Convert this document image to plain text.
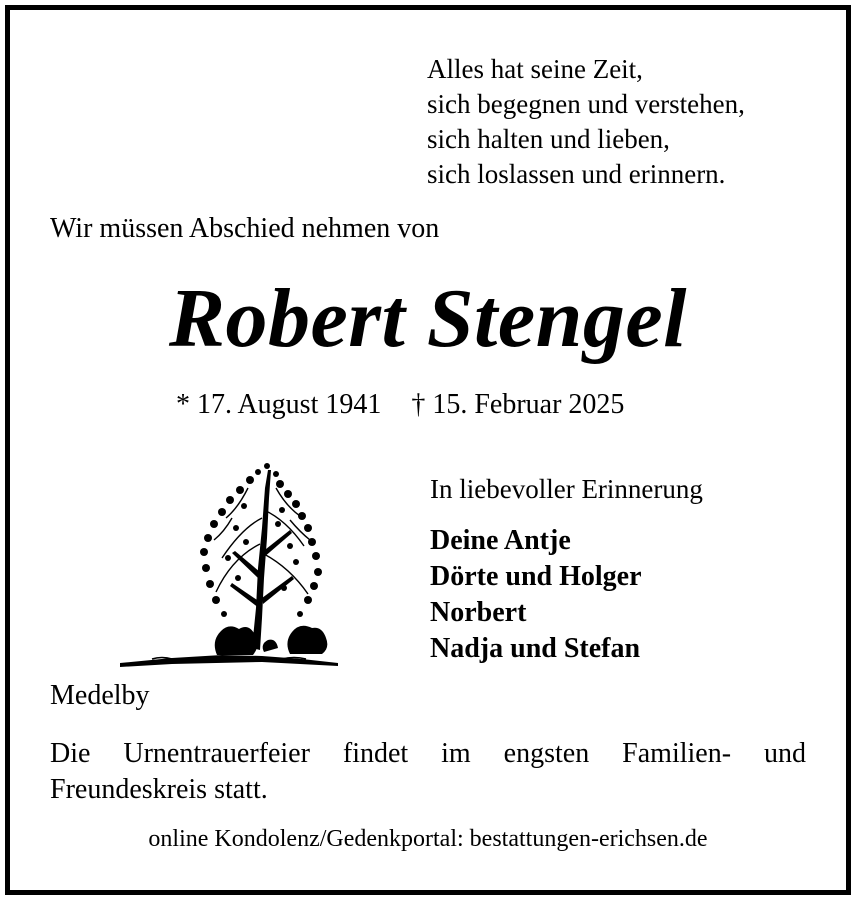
Alles hat seine Zeit,
sich begegnen und verstehen,
sich halten und lieben,
sich loslassen und erinnern.
Wir müssen Abschied nehmen von
Robert Stengel
* 17. August 1941 † 15. Februar 2025
In liebevoller Erinnerung
Deine Antje
Dörte und Holger
Norbert
Nadja und Stefan
Medelby
Die Urnentrauerfeier findet im engsten Familien- und Freundeskreis statt.
online Kondolenz/Gedenkportal: bestattungen-erichsen.de
